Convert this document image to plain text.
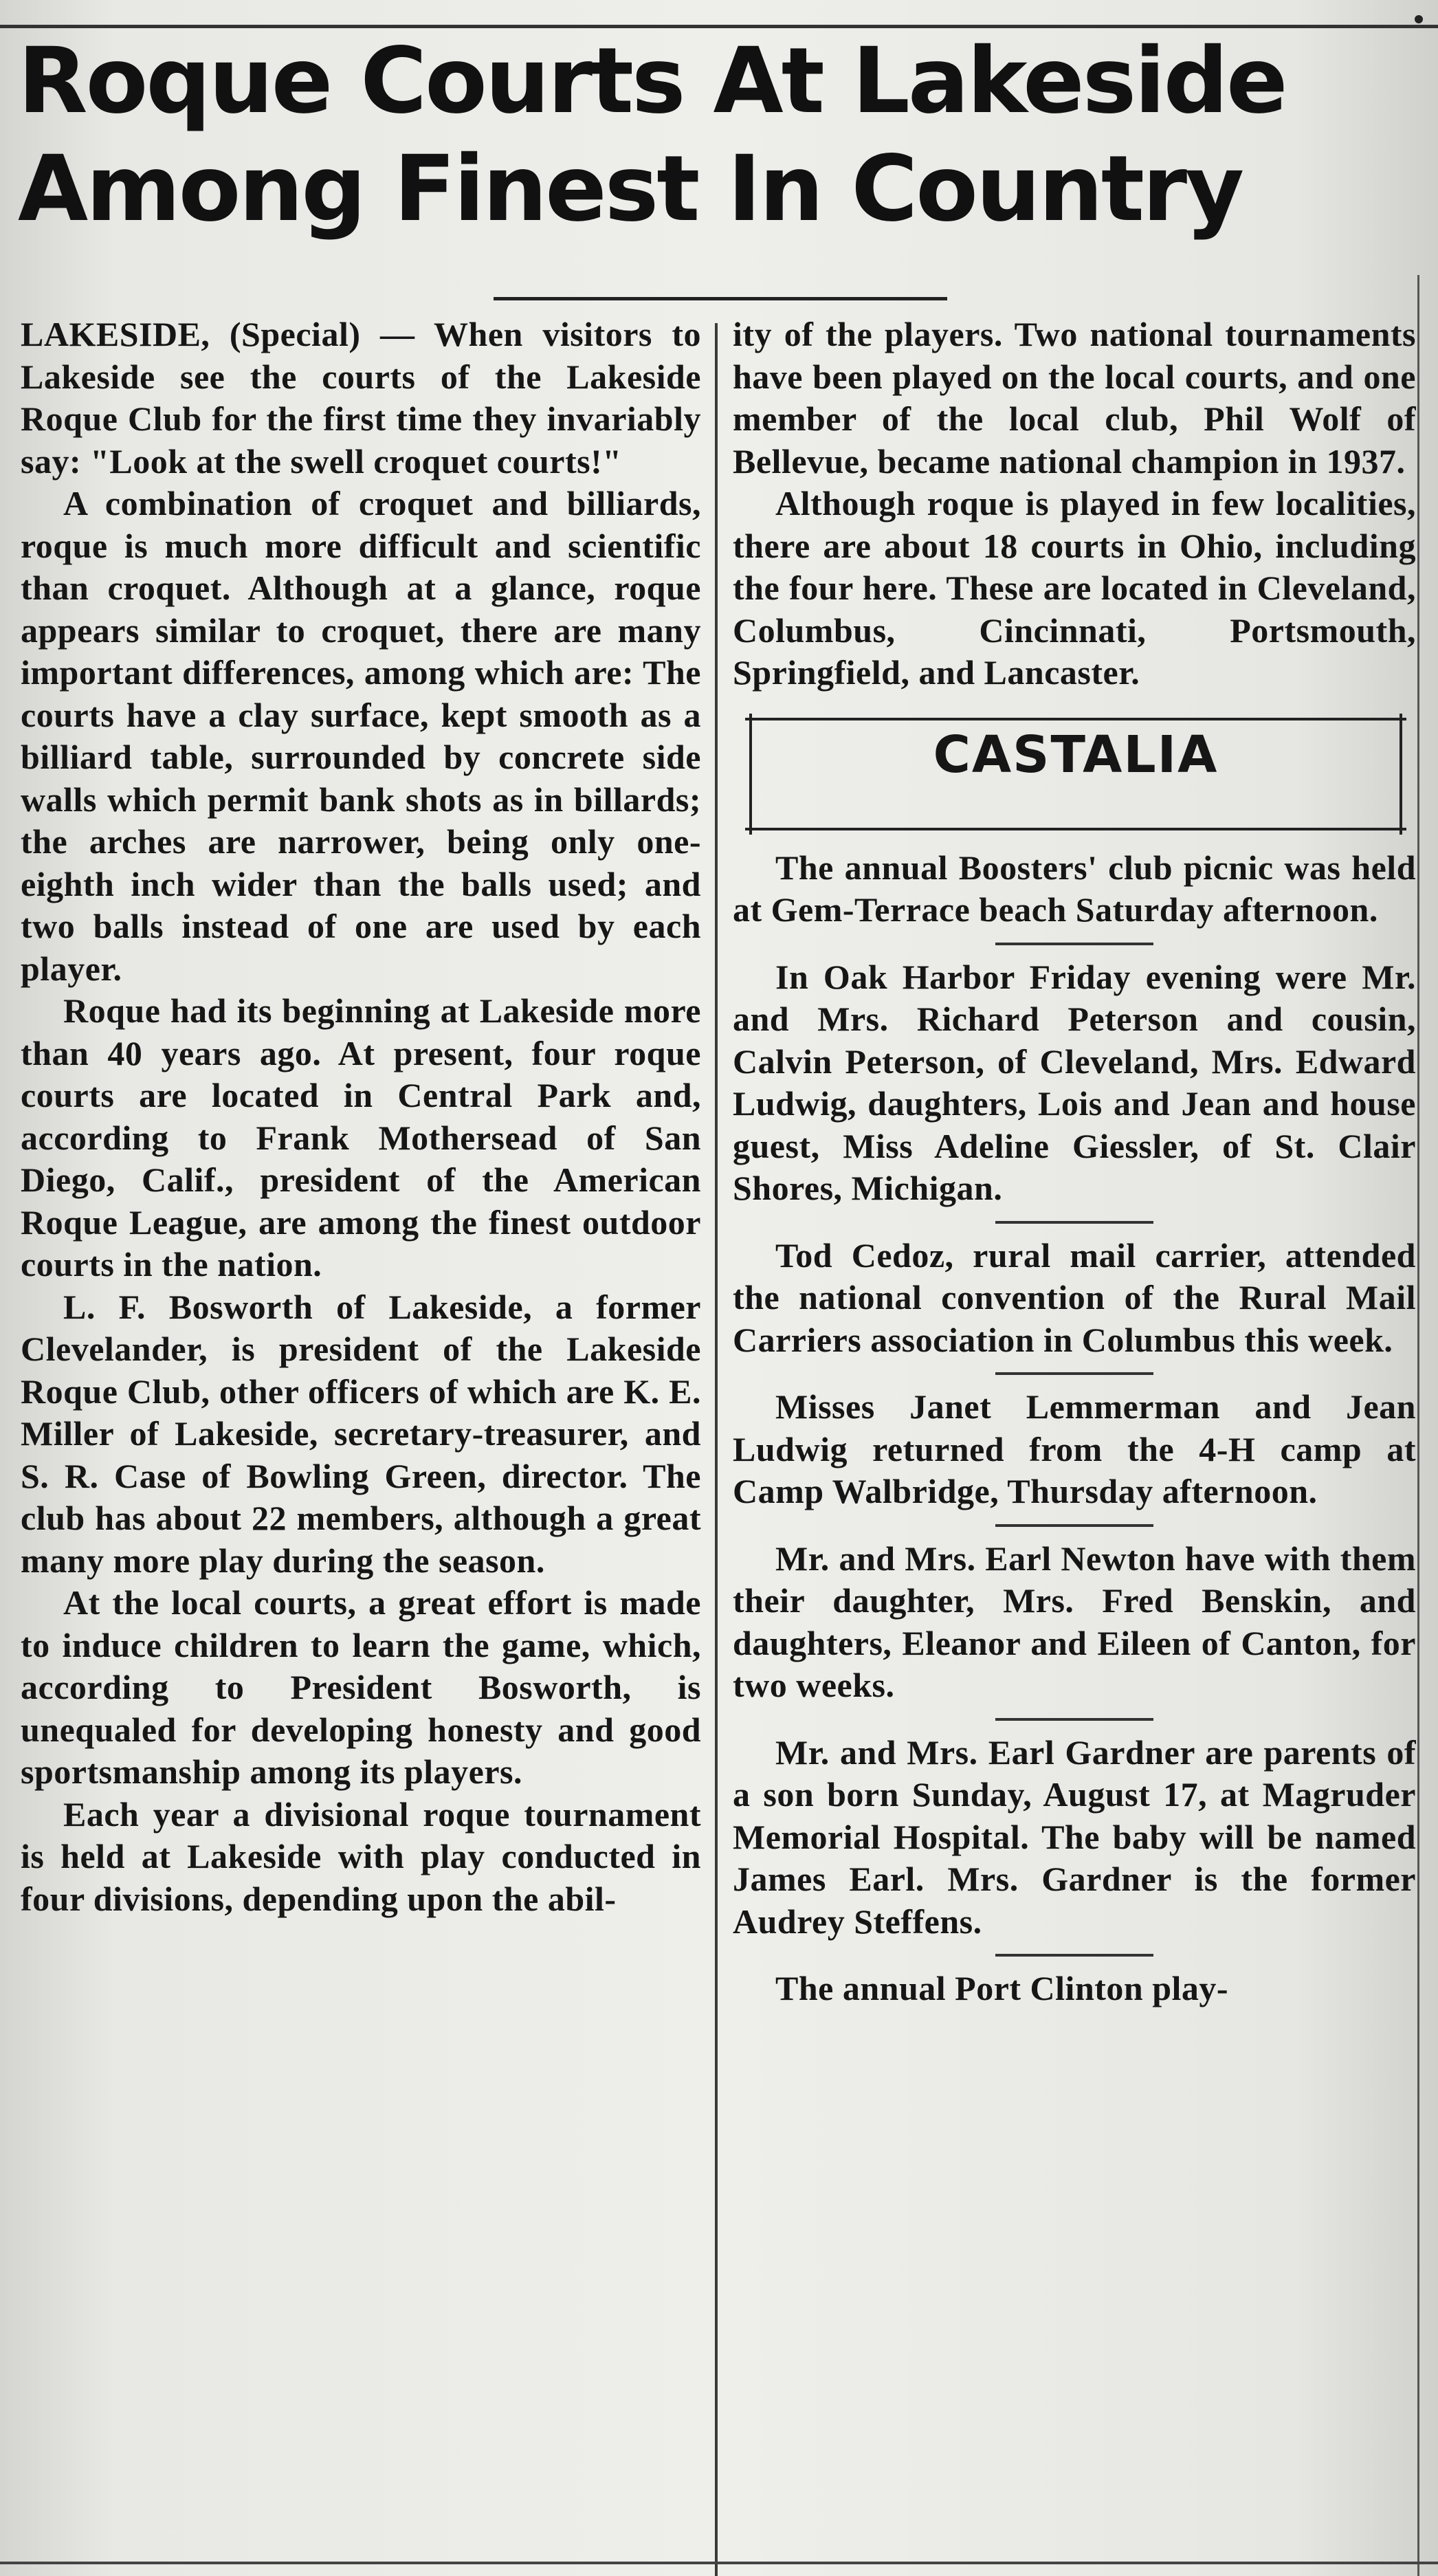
Roque Courts At Lakeside
Among Finest In Country

LAKESIDE, (Special) — When visitors to Lakeside see the courts of the Lakeside Roque Club for the first time they invariably say: "Look at the swell croquet courts!"

A combination of croquet and billiards, roque is much more difficult and scientific than croquet. Although at a glance, roque appears similar to croquet, there are many important differences, among which are: The courts have a clay surface, kept smooth as a billiard table, surrounded by concrete side walls which permit bank shots as in billards; the arches are narrower, being only one-eighth inch wider than the balls used; and two balls instead of one are used by each player.

Roque had its beginning at Lakeside more than 40 years ago. At present, four roque courts are located in Central Park and, according to Frank Mothersead of San Diego, Calif., president of the American Roque League, are among the finest outdoor courts in the nation.

L. F. Bosworth of Lakeside, a former Clevelander, is president of the Lakeside Roque Club, other officers of which are K. E. Miller of Lakeside, secretary-treasurer, and S. R. Case of Bowling Green, director. The club has about 22 members, although a great many more play during the season.

At the local courts, a great effort is made to induce children to learn the game, which, according to President Bosworth, is unequaled for developing honesty and good sportsmanship among its players.

Each year a divisional roque tournament is held at Lakeside with play conducted in four divisions, depending upon the abil-

ity of the players. Two national tournaments have been played on the local courts, and one member of the local club, Phil Wolf of Bellevue, became national champion in 1937.

Although roque is played in few localities, there are about 18 courts in Ohio, including the four here. These are located in Cleveland, Columbus, Cincinnati, Portsmouth, Springfield, and Lancaster.

CASTALIA

The annual Boosters' club picnic was held at Gem-Terrace beach Saturday afternoon.

In Oak Harbor Friday evening were Mr. and Mrs. Richard Peterson and cousin, Calvin Peterson, of Cleveland, Mrs. Edward Ludwig, daughters, Lois and Jean and house guest, Miss Adeline Giessler, of St. Clair Shores, Michigan.

Tod Cedoz, rural mail carrier, attended the national convention of the Rural Mail Carriers association in Columbus this week.

Misses Janet Lemmerman and Jean Ludwig returned from the 4-H camp at Camp Walbridge, Thursday afternoon.

Mr. and Mrs. Earl Newton have with them their daughter, Mrs. Fred Benskin, and daughters, Eleanor and Eileen of Canton, for two weeks.

Mr. and Mrs. Earl Gardner are parents of a son born Sunday, August 17, at Magruder Memorial Hospital. The baby will be named James Earl. Mrs. Gardner is the former Audrey Steffens.

The annual Port Clinton play-
